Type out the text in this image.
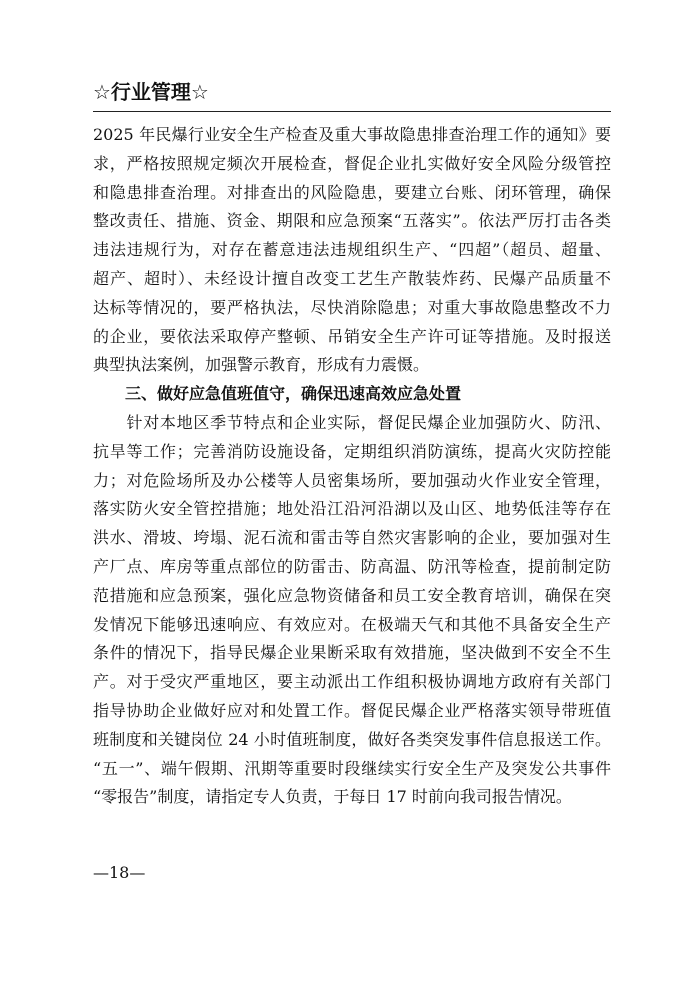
☆行业管理☆
2025 年民爆行业安全生产检查及重大事故隐患排查治理工作的通知》要
求，严格按照规定频次开展检查，督促企业扎实做好安全风险分级管控
和隐患排查治理。对排查出的风险隐患，要建立台账、闭环管理，确保
整改责任、措施、资金、期限和应急预案“五落实”。依法严厉打击各类
违法违规行为，对存在蓄意违法违规组织生产、“四超”（超员、超量、
超产、超时）、未经设计擅自改变工艺生产散装炸药、民爆产品质量不
达标等情况的，要严格执法，尽快消除隐患；对重大事故隐患整改不力
的企业，要依法采取停产整顿、吊销安全生产许可证等措施。及时报送
典型执法案例，加强警示教育，形成有力震慑。
三、做好应急值班值守，确保迅速高效应急处置
　　针对本地区季节特点和企业实际，督促民爆企业加强防火、防汛、
抗旱等工作；完善消防设施设备，定期组织消防演练，提高火灾防控能
力；对危险场所及办公楼等人员密集场所，要加强动火作业安全管理，
落实防火安全管控措施；地处沿江沿河沿湖以及山区、地势低洼等存在
洪水、滑坡、垮塌、泥石流和雷击等自然灾害影响的企业，要加强对生
产厂点、库房等重点部位的防雷击、防高温、防汛等检查，提前制定防
范措施和应急预案，强化应急物资储备和员工安全教育培训，确保在突
发情况下能够迅速响应、有效应对。在极端天气和其他不具备安全生产
条件的情况下，指导民爆企业果断采取有效措施，坚决做到不安全不生
产。对于受灾严重地区，要主动派出工作组积极协调地方政府有关部门
指导协助企业做好应对和处置工作。督促民爆企业严格落实领导带班值
班制度和关键岗位 24 小时值班制度，做好各类突发事件信息报送工作。
“五一”、端午假期、汛期等重要时段继续实行安全生产及突发公共事件
“零报告”制度，请指定专人负责，于每日 17 时前向我司报告情况。
—18—
